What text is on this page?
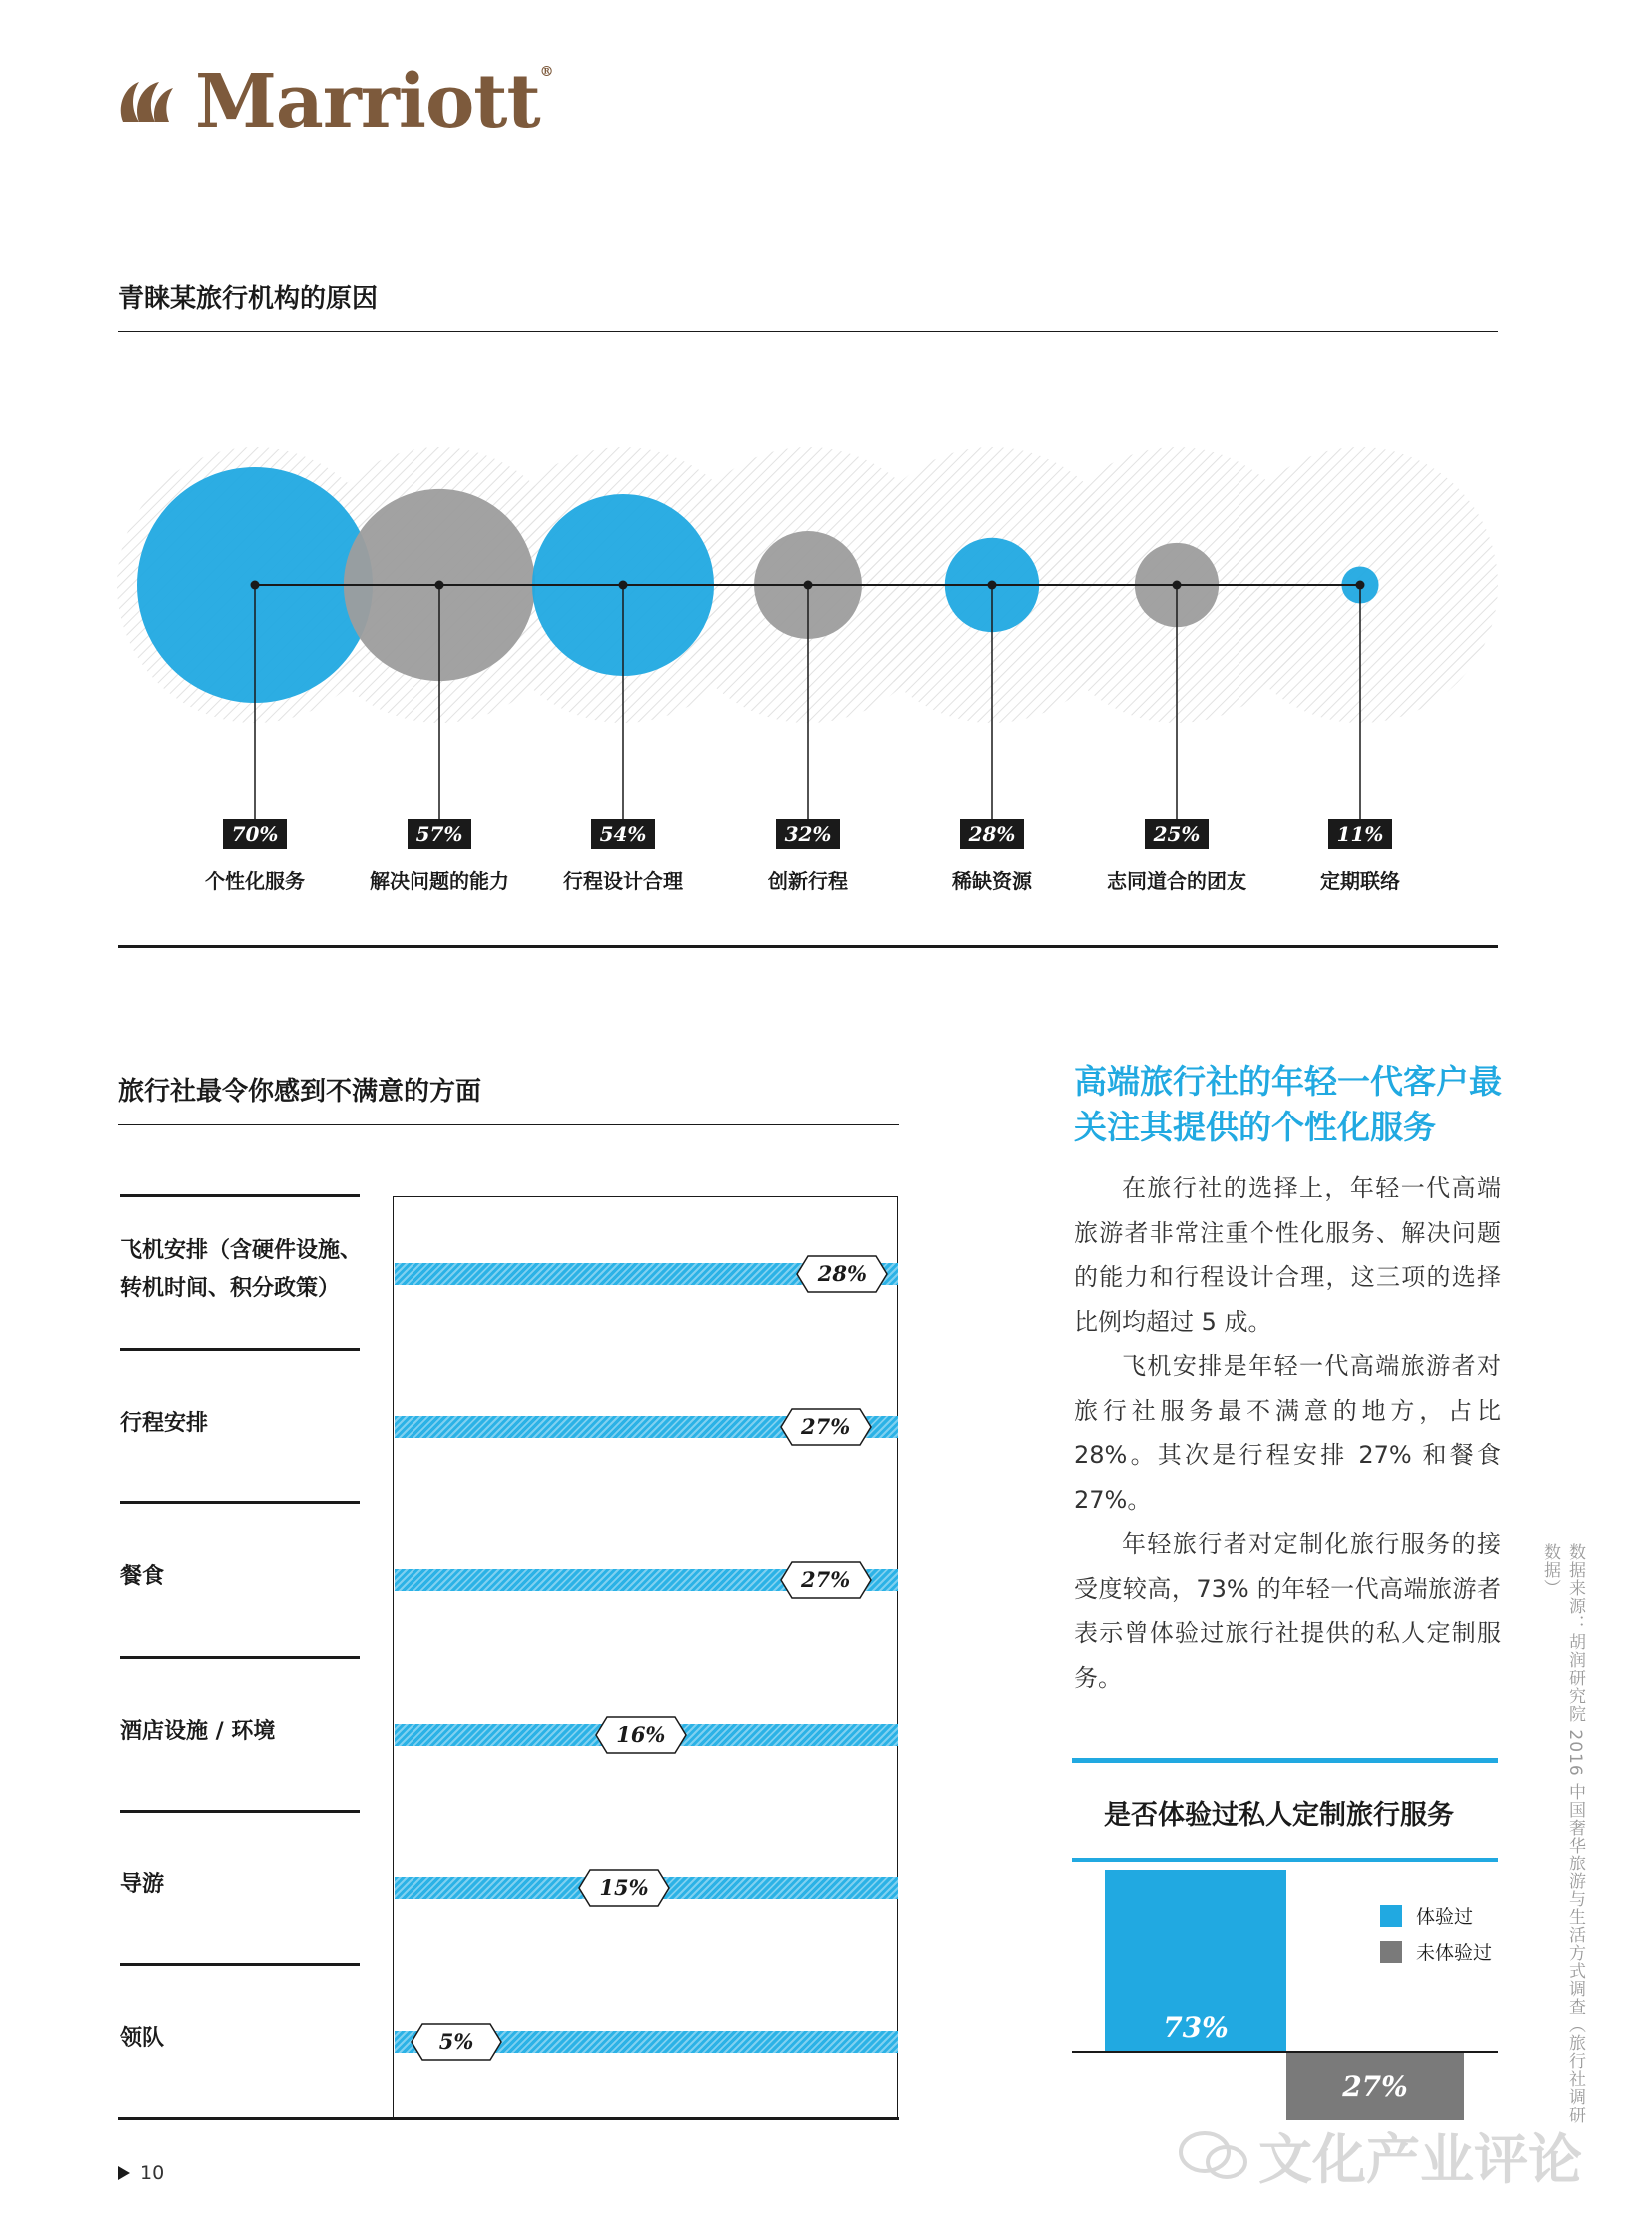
Marriott®
青睐某旅行机构的原因
70%
个性化服务
57%
解决问题的能力
54%
行程设计合理
32%
创新行程
28%
稀缺资源
25%
志同道合的团友
11%
定期联络
旅行社最令你感到不满意的方面
飞机安排（含硬件设施、
转机时间、积分政策）
28%
行程安排	27%
餐食	27%
酒店设施 / 环境	16%
导游	15%
领队	5%
高端旅行社的年轻一代客户最
关注其提供的个性化服务

在旅行社的选择上，年轻一代高端旅游者非常注重个性化服务、解决问题的能力和行程设计合理，这三项的选择比例均超过 5 成。

飞机安排是年轻一代高端旅游者对旅行社服务最不满意的地方，占比 28%。其次是行程安排 27% 和餐食 27%。

年轻旅行者对定制化旅行服务的接受度较高，73% 的年轻一代高端旅游者表示曾体验过旅行社提供的私人定制服务。

是否体验过私人定制旅行服务
体验过
未体验过
73%
27%	数据来源：胡润研究院 2016 中国奢华旅游与生活方式调查（旅行社调研数据）
10	文化产业评论
